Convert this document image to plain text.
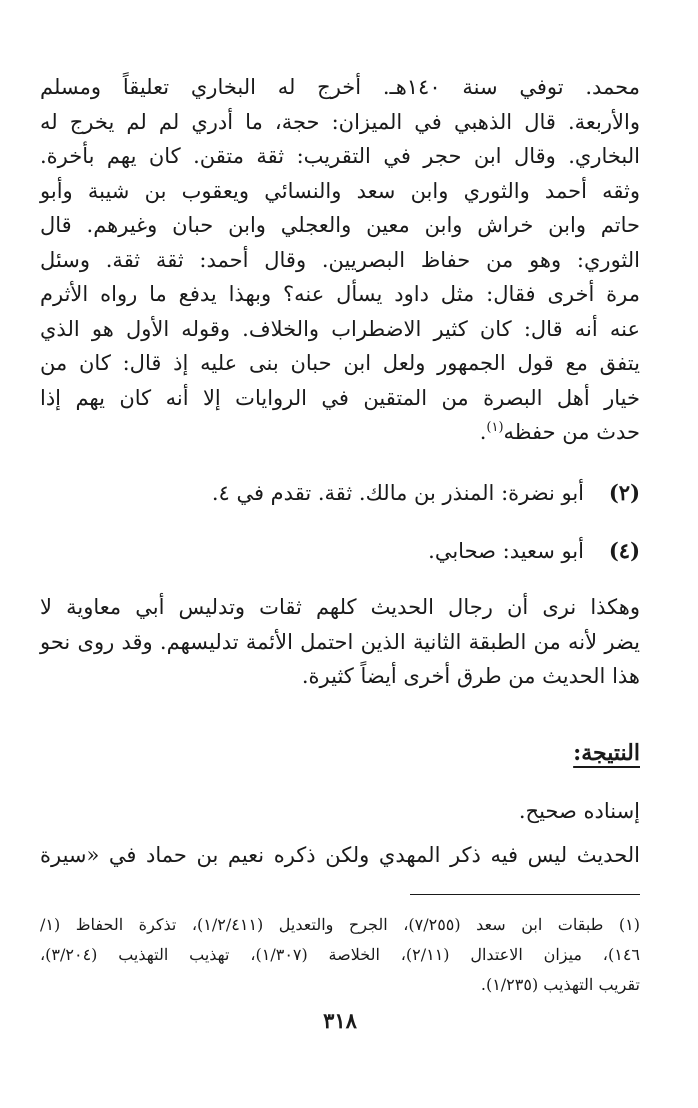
محمد. توفي سنة ١٤٠هـ. أخرج له البخاري تعليقاً ومسلم
والأربعة. قال الذهبي في الميزان: حجة، ما أدري لم لم يخرج له
البخاري. وقال ابن حجر في التقريب: ثقة متقن. كان يهم بأخرة.
وثقه أحمد والثوري وابن سعد والنسائي ويعقوب بن شيبة وأبو
حاتم وابن خراش وابن معين والعجلي وابن حبان وغيرهم. قال
الثوري: وهو من حفاظ البصريين. وقال أحمد: ثقة ثقة. وسئل
مرة أخرى فقال: مثل داود يسأل عنه؟ وبهذا يدفع ما رواه الأثرم
عنه أنه قال: كان كثير الاضطراب والخلاف. وقوله الأول هو الذي
يتفق مع قول الجمهور ولعل ابن حبان بنى عليه إذ قال: كان من
خيار أهل البصرة من المتقين في الروايات إلا أنه كان يهم إذا
حدث من حفظه$^{(١)}$.

(٢)
أبو نضرة: المنذر بن مالك. ثقة. تقدم في ٤.
(٤)
أبو سعيد: صحابي.

وهكذا نرى أن رجال الحديث كلهم ثقات وتدليس أبي معاوية لا
يضر لأنه من الطبقة الثانية الذين احتمل الأئمة تدليسهم. وقد روى نحو
هذا الحديث من طرق أخرى أيضاً كثيرة.

النتيجة:
إسناده صحيح.
الحديث ليس فيه ذكر المهدي ولكن ذكره نعيم بن حماد في «سيرة
(١) طبقات ابن سعد (٧/٢٥٥)، الجرح والتعديل (١/٢/٤١١)، تذكرة الحفاظ (١/
١٤٦)، ميزان الاعتدال (٢/١١)، الخلاصة (١/٣٠٧)، تهذيب التهذيب (٣/٢٠٤)،
تقريب التهذيب (١/٢٣٥).
٣١٨
